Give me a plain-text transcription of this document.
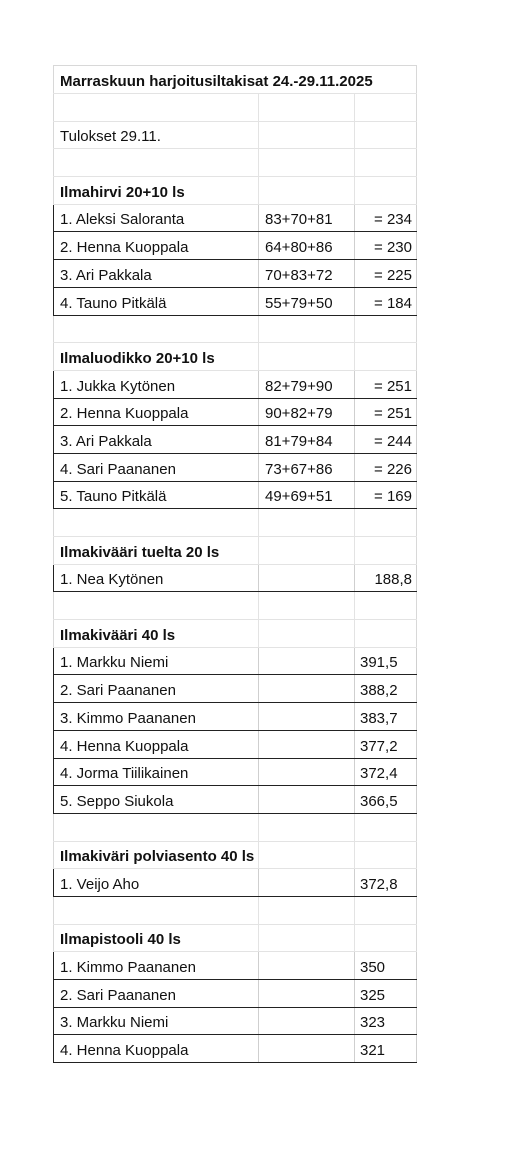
Marraskuun harjoitusiltakisat 24.-29.11.2025
Tulokset 29.11.
Ilmahirvi 20+10 ls
1. Aleksi Saloranta	83+70+81	= 234
2. Henna Kuoppala	64+80+86	= 230
3. Ari Pakkala	70+83+72	= 225
4. Tauno Pitkälä	55+79+50	= 184
Ilmaluodikko 20+10 ls
1. Jukka Kytönen	82+79+90	= 251
2. Henna Kuoppala	90+82+79	= 251
3. Ari Pakkala	81+79+84	= 244
4. Sari Paananen	73+67+86	= 226
5. Tauno Pitkälä	49+69+51	= 169
Ilmakivääri tuelta 20 ls
1. Nea Kytönen	188,8
Ilmakivääri 40 ls
1. Markku Niemi	391,5
2. Sari Paananen	388,2
3. Kimmo Paananen	383,7
4. Henna Kuoppala	377,2
4. Jorma Tiilikainen	372,4
5. Seppo Siukola	366,5
Ilmakiväri polviasento 40 ls
1. Veijo Aho	372,8
Ilmapistooli 40 ls
1. Kimmo Paananen	350
2. Sari Paananen	325
3. Markku Niemi	323
4. Henna Kuoppala	321
